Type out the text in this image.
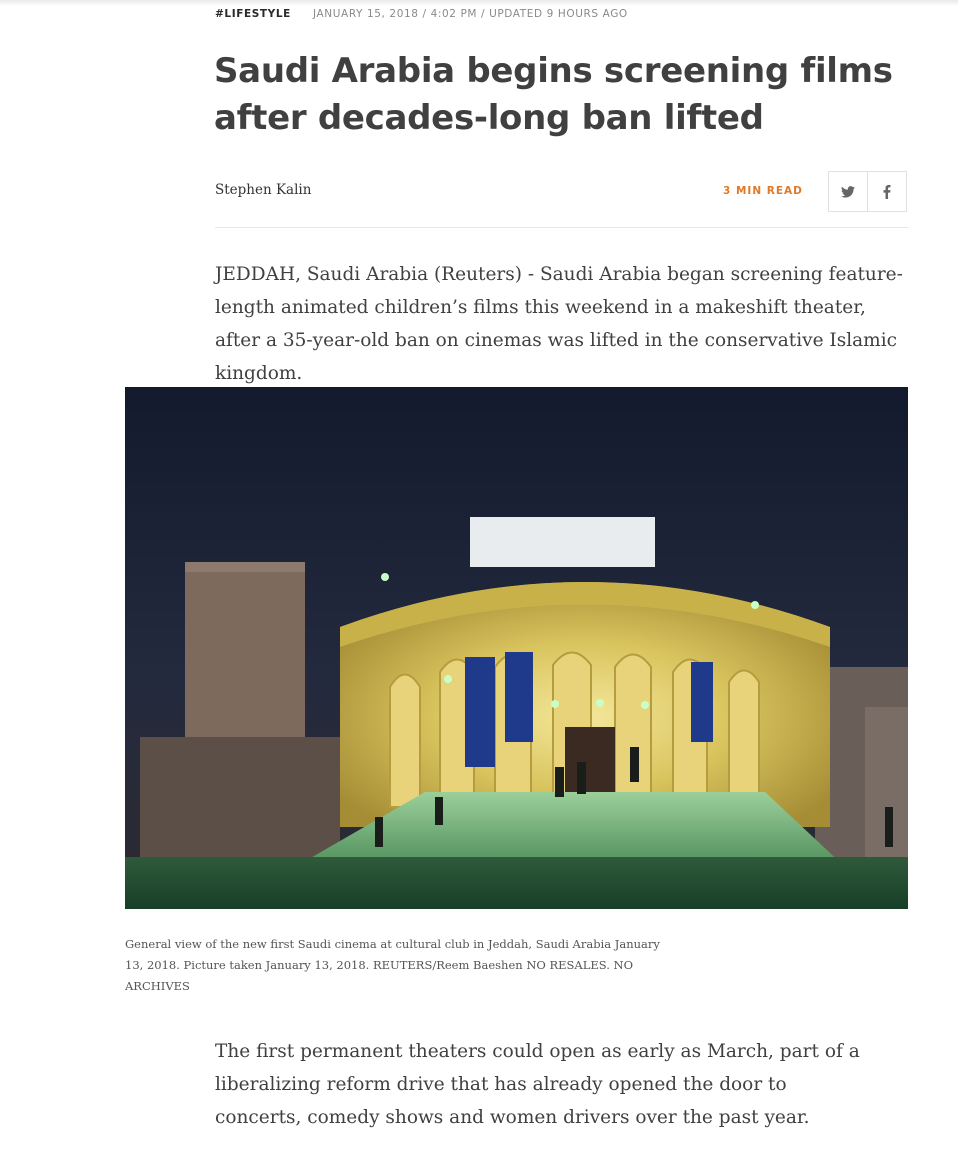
#LIFESTYLE JANUARY 15, 2018 / 4:02 PM / UPDATED 9 HOURS AGO
Saudi Arabia begins screening films after decades-long ban lifted
Stephen Kalin	3 MIN READ

JEDDAH, Saudi Arabia (Reuters) - Saudi Arabia began screening feature-length animated children’s films this weekend in a makeshift theater, after a 35-year-old ban on cinemas was lifted in the conservative Islamic kingdom.

General view of the new first Saudi cinema at cultural club in Jeddah, Saudi Arabia January 13, 2018. Picture taken January 13, 2018. REUTERS/Reem Baeshen NO RESALES. NO ARCHIVES

The first permanent theaters could open as early as March, part of a liberalizing reform drive that has already opened the door to concerts, comedy shows and women drivers over the past year.
